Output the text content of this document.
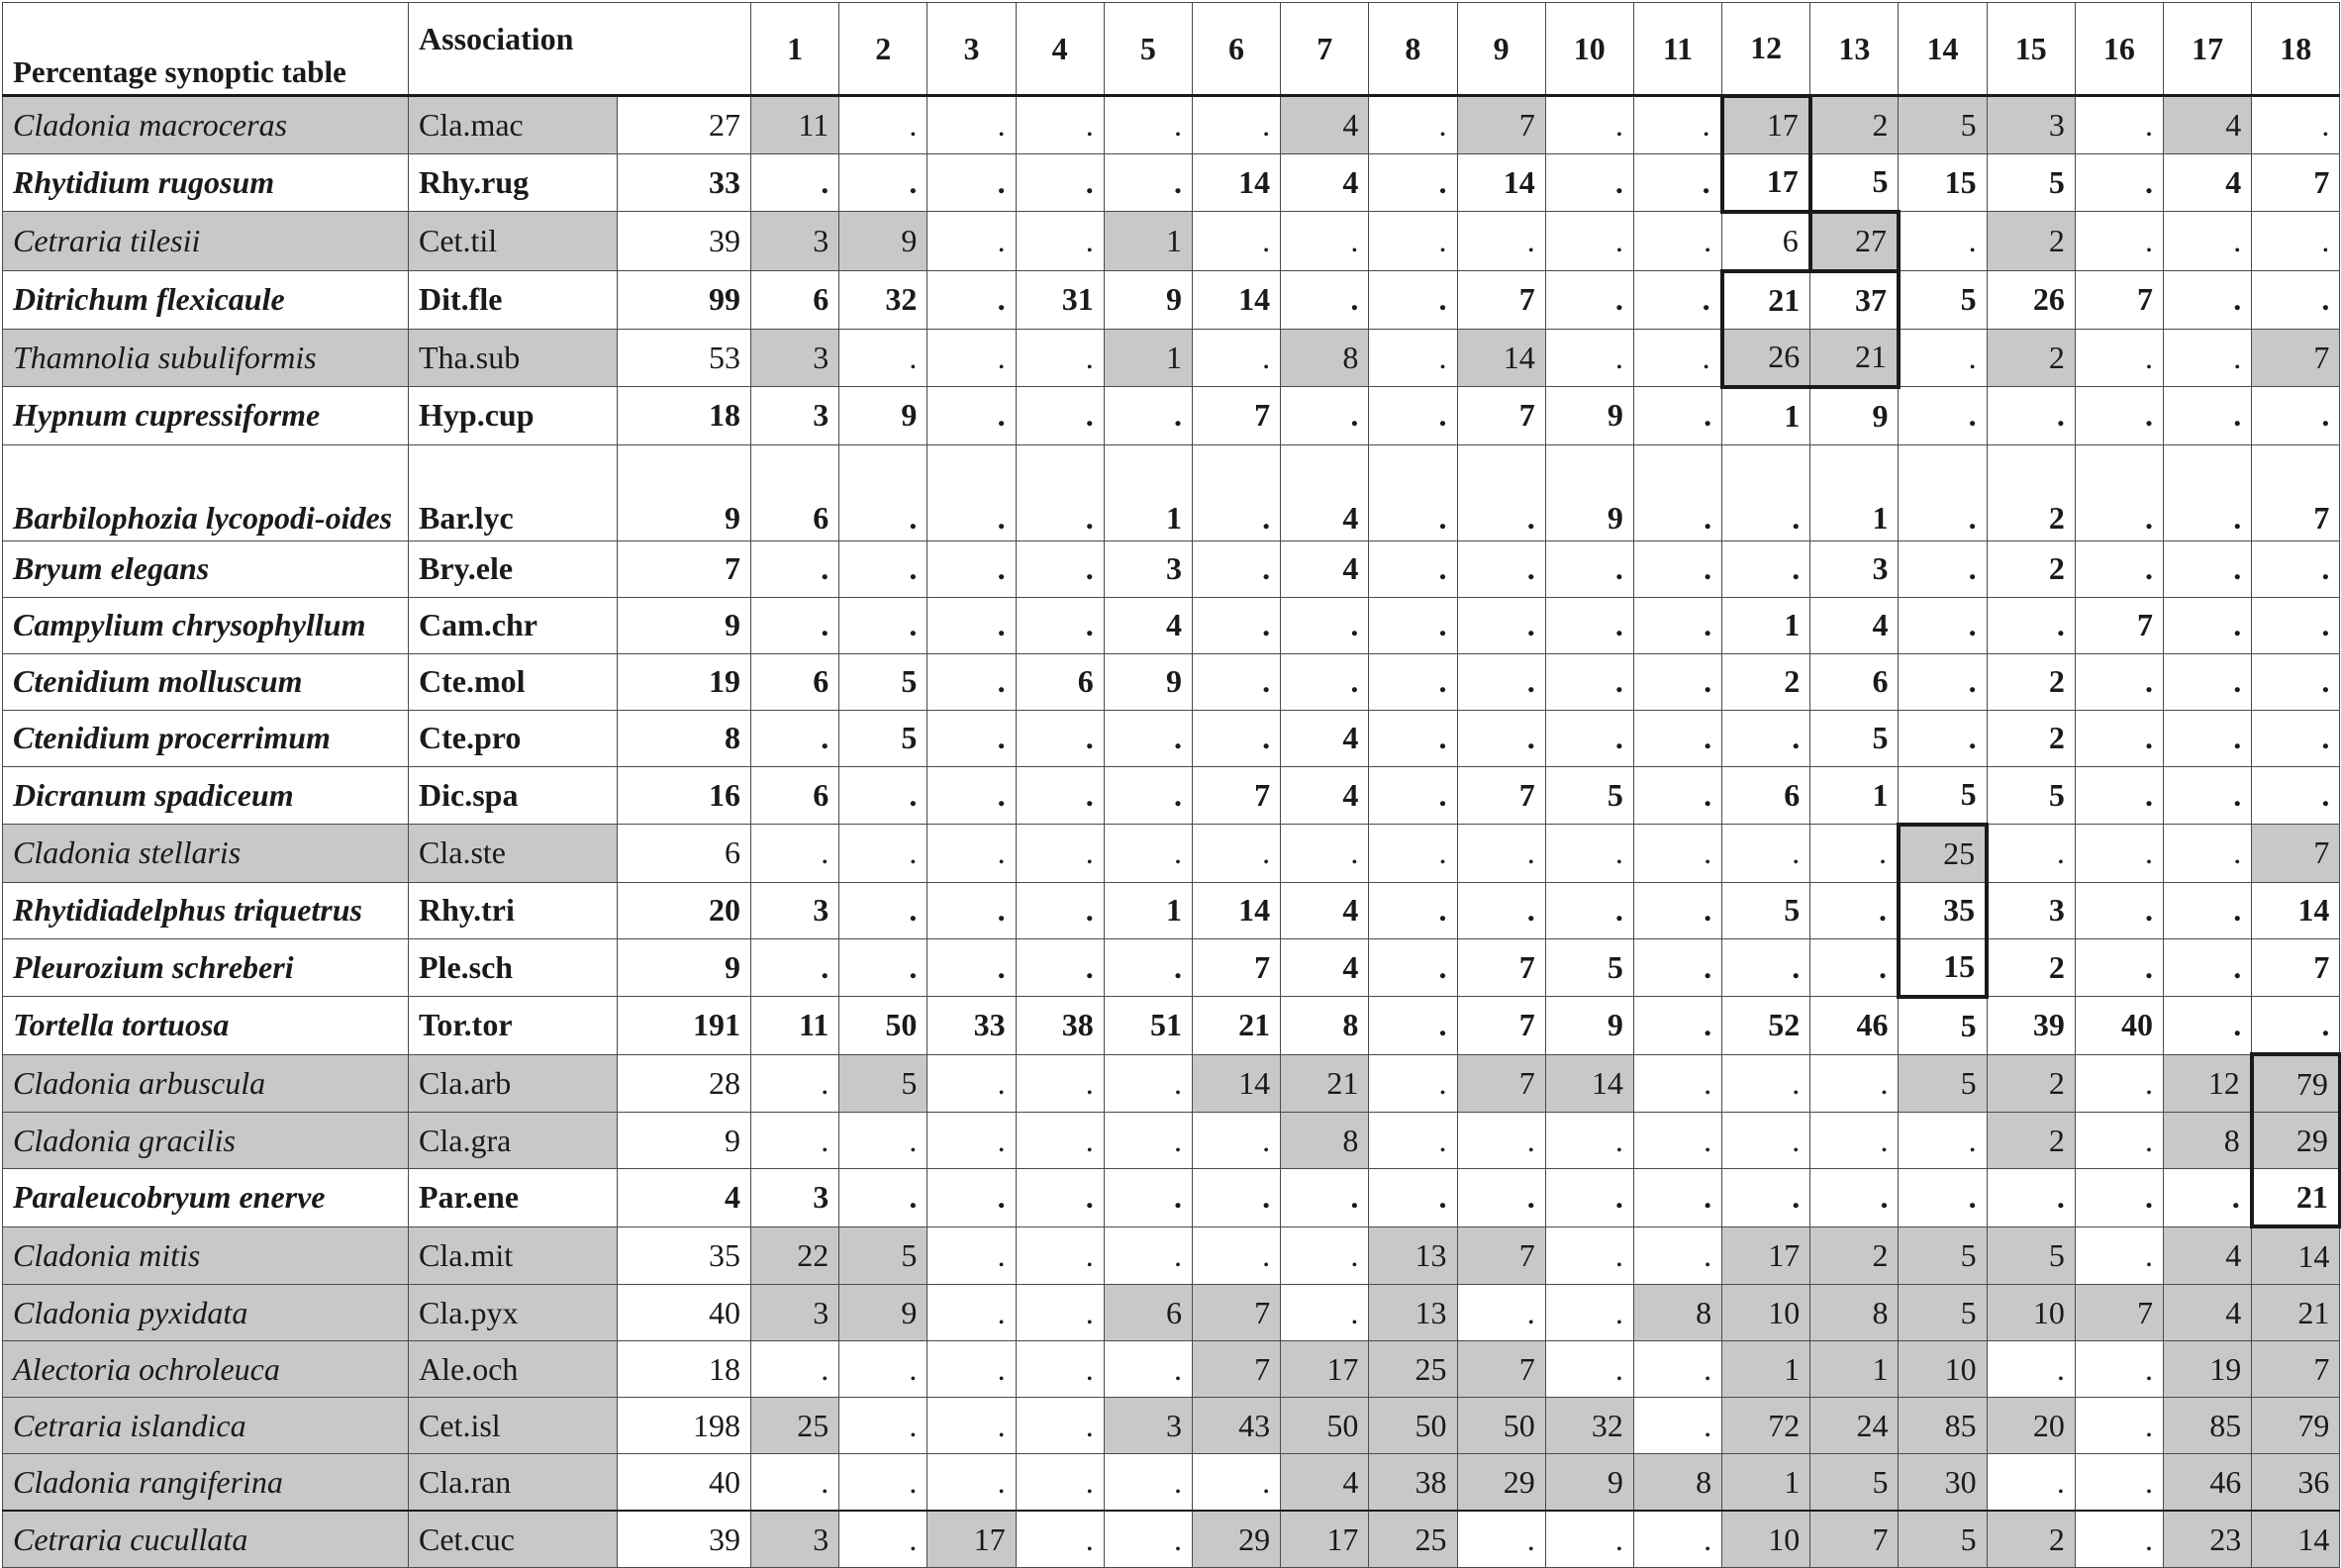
Percentage synoptic table	Association		1	2	3	4	5	6	7	8	9	10	11	12	13	14	15	16	17	18
Cladonia macroceras	Cla.mac	27	11	.	.	.	.	.	4	.	7	.	.	17	2	5	3	.	4	.
Rhytidium rugosum	Rhy.rug	33	.	.	.	.	.	14	4	.	14	.	.	17	5	15	5	.	4	7
Cetraria tilesii	Cet.til	39	3	9	.	.	1	.	.	.	.	.	.	6	27	.	2	.	.	.
Ditrichum flexicaule	Dit.fle	99	6	32	.	31	9	14	.	.	7	.	.	21	37	5	26	7	.	.
Thamnolia subuliformis	Tha.sub	53	3	.	.	.	1	.	8	.	14	.	.	26	21	.	2	.	.	7
Hypnum cupressiforme	Hyp.cup	18	3	9	.	.	.	7	.	.	7	9	.	1	9	.	.	.	.	.
Barbilophozia lycopodi-oides	Bar.lyc	9	6	.	.	.	1	.	4	.	.	9	.	.	1	.	2	.	.	7
Bryum elegans	Bry.ele	7	.	.	.	.	3	.	4	.	.	.	.	.	3	.	2	.	.	.
Campylium chrysophyllum	Cam.chr	9	.	.	.	.	4	.	.	.	.	.	.	1	4	.	.	7	.	.
Ctenidium molluscum	Cte.mol	19	6	5	.	6	9	.	.	.	.	.	.	2	6	.	2	.	.	.
Ctenidium procerrimum	Cte.pro	8	.	5	.	.	.	.	4	.	.	.	.	.	5	.	2	.	.	.
Dicranum spadiceum	Dic.spa	16	6	.	.	.	.	7	4	.	7	5	.	6	1	5	5	.	.	.
Cladonia stellaris	Cla.ste	6	.	.	.	.	.	.	.	.	.	.	.	.	.	25	.	.	.	7
Rhytidiadelphus triquetrus	Rhy.tri	20	3	.	.	.	1	14	4	.	.	.	.	5	.	35	3	.	.	14
Pleurozium schreberi	Ple.sch	9	.	.	.	.	.	7	4	.	7	5	.	.	.	15	2	.	.	7
Tortella tortuosa	Tor.tor	191	11	50	33	38	51	21	8	.	7	9	.	52	46	5	39	40	.	.
Cladonia arbuscula	Cla.arb	28	.	5	.	.	.	14	21	.	7	14	.	.	.	5	2	.	12	79
Cladonia gracilis	Cla.gra	9	.	.	.	.	.	.	8	.	.	.	.	.	.	.	2	.	8	29
Paraleucobryum enerve	Par.ene	4	3	.	.	.	.	.	.	.	.	.	.	.	.	.	.	.	.	21
Cladonia mitis	Cla.mit	35	22	5	.	.	.	.	.	13	7	.	.	17	2	5	5	.	4	14
Cladonia pyxidata	Cla.pyx	40	3	9	.	.	6	7	.	13	.	.	8	10	8	5	10	7	4	21
Alectoria ochroleuca	Ale.och	18	.	.	.	.	.	7	17	25	7	.	.	1	1	10	.	.	19	7
Cetraria islandica	Cet.isl	198	25	.	.	.	3	43	50	50	50	32	.	72	24	85	20	.	85	79
Cladonia rangiferina	Cla.ran	40	.	.	.	.	.	.	4	38	29	9	8	1	5	30	.	.	46	36
Cetraria cucullata	Cet.cuc	39	3	.	17	.	.	29	17	25	.	.	.	10	7	5	2	.	23	14
